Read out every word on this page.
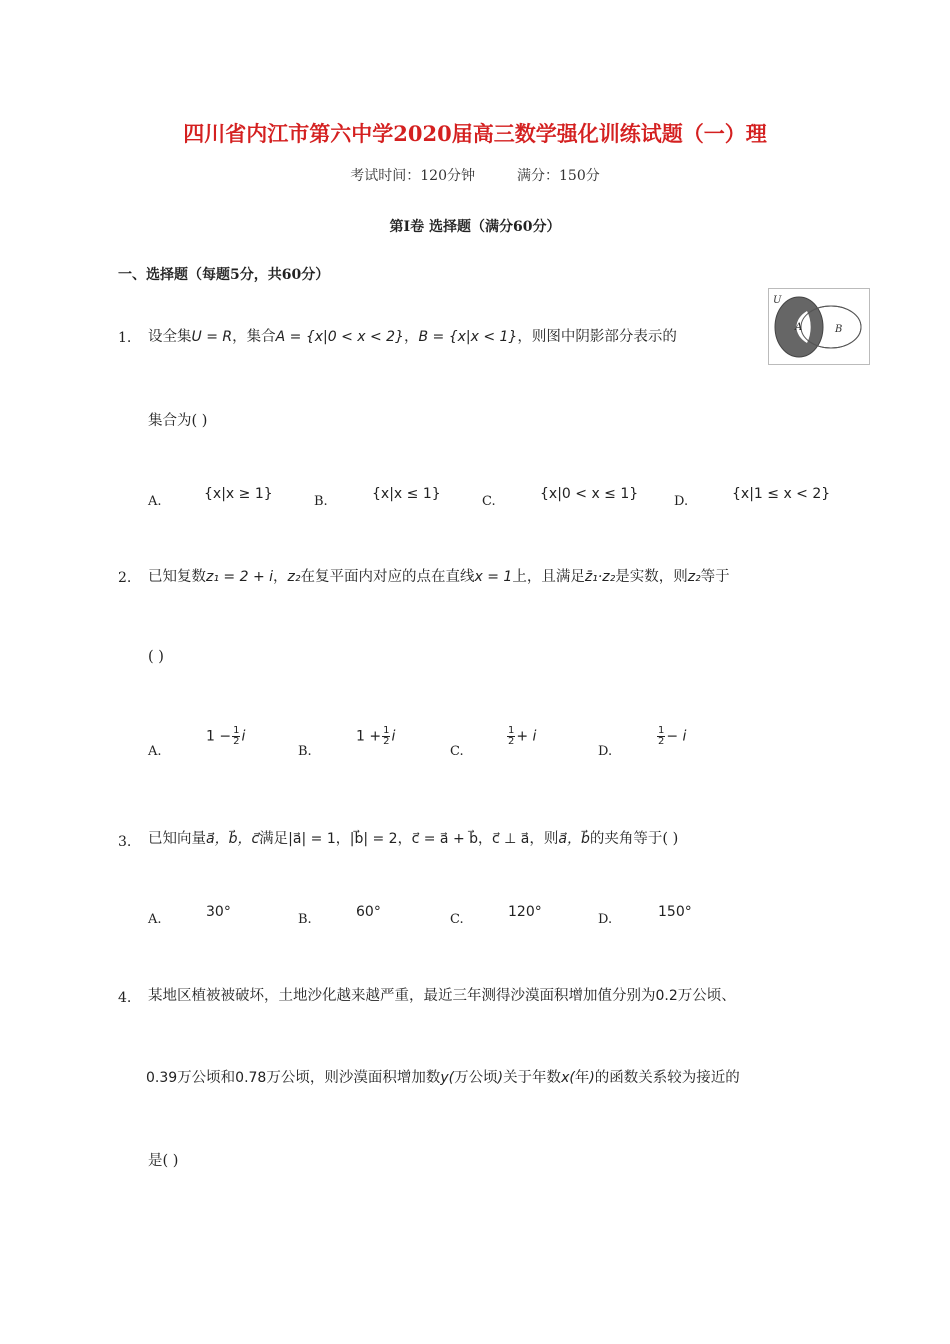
四川省内江市第六中学2020届高三数学强化训练试题（一）理
考试时间：120分钟	满分：150分
第Ⅰ卷 选择题（满分60分）
一、选择题（每题5分，共60分）
1. 设全集U = R，集合A = {x|0 < x < 2}，B = {x|x < 1}，则图中阴影部分表示的
U
A	B
集合为( )
A.	{x|x ≥ 1}	B.	{x|x ≤ 1}	C.	{x|0 < x ≤ 1}	D.	{x|1 ≤ x < 2}
2. 已知复数z₁ = 2 + i，z₂在复平面内对应的点在直线x = 1上，且满足z̄₁·z₂是实数，则z₂等于
( )
A.
$1 - \frac{1}{2}$ i
B.
$1 + \frac{1}{2}$ i
C.
$\frac{1}{2} + i$
D.
$\frac{1}{2} - i$
3. 已知向量a⃗，b⃗，c⃗满足|a⃗| = 1，|b⃗| = 2，c⃗ = a⃗ + b⃗，c⃗ ⊥ a⃗，则a⃗，b⃗的夹角等于( )
A.	30°	B.	60°	C.	120°	D.	150°
4. 某地区植被被破坏，土地沙化越来越严重，最近三年测得沙漠面积增加值分别为0.2万公顷、
0.39万公顷和0.78万公顷，则沙漠面积增加数y(万公顷)关于年数x(年)的函数关系较为接近的
是( )
